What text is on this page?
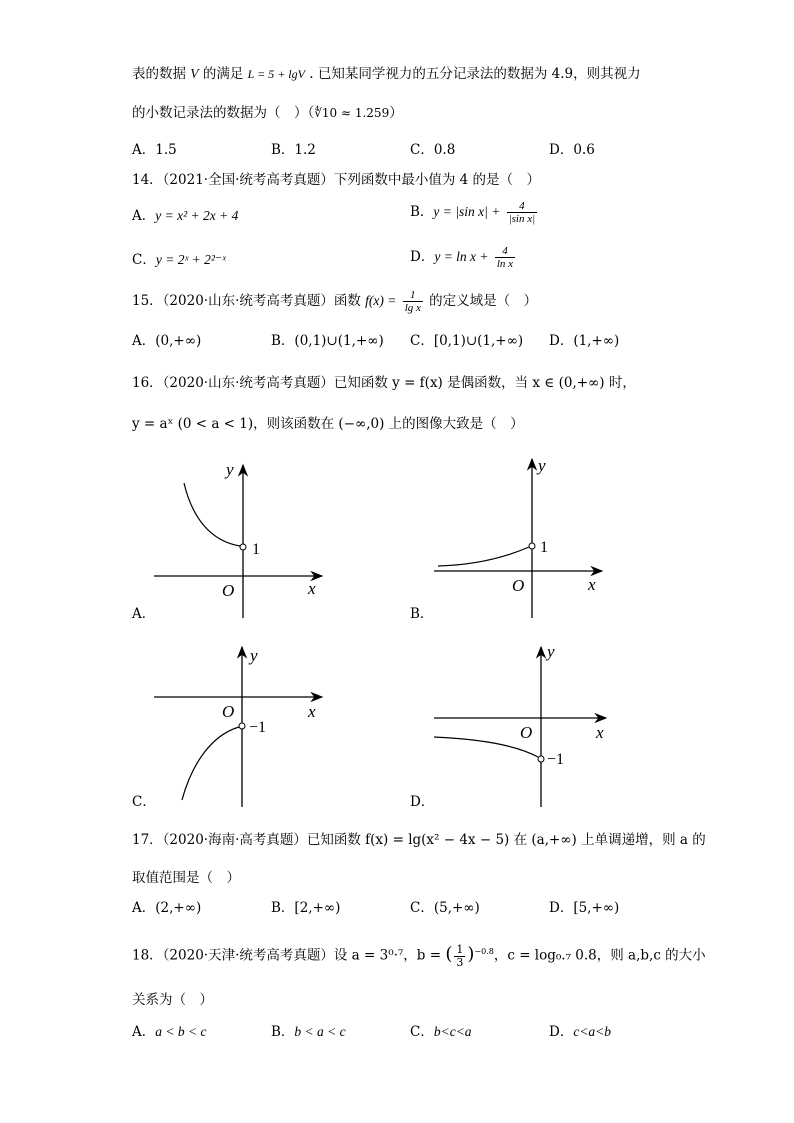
表的数据 V 的满足 L = 5 + lgV . 已知某同学视力的五分记录法的数据为 4.9，则其视力
的小数记录法的数据为（　）（∜10 ≈ 1.259）
A．1.5	B．1.2	C．0.8	D．0.6
14．（2021·全国·统考高考真题）下列函数中最小值为 4 的是（　）
A．y = x² + 2x + 4	B．y = |sin $x| + \frac{4}{\text{|sin x|}}$
C．y = 2ˣ + 2²⁻ˣ	D．$y = \ln x + \frac{4}{\text{ln x}}$
15．（2020·山东·统考高考真题）函数 $f(x) = \frac{1}{\text{lg x}}$ 的定义域是（　）
A．(0,+∞)	B．(0,1)∪(1,+∞) C．[0,1)∪(1,+∞) D．(1,+∞)
16．（2020·山东·统考高考真题）已知函数 y = f(x) 是偶函数，当 x ∈ (0,+∞) 时，
y = aˣ (0 < a < 1)，则该函数在 (−∞,0) 上的图像大致是（　）
y
x
O
1
A．
y
x
O
1
B．
y
x
O
−1
C．
y
x
O
−1
D．
17．（2020·海南·高考真题）已知函数 f(x) = lg(x² − 4x − 5) 在 (a,+∞) 上单调递增，则 a 的
取值范围是（　）
A．(2,+∞)	B．[2,+∞)	C．(5,+∞)	D．[5,+∞)
18．（2020·天津·统考高考真题）设 a = 3⁰·⁷，b = ( $\frac{1}{3} )^{-0.8}$，c = log₀.₇ 0.8，则 a,b,c 的大小
关系为（　）
A．a < b < c	B．b < a < c	C．b<c<a	D．c<a<b
